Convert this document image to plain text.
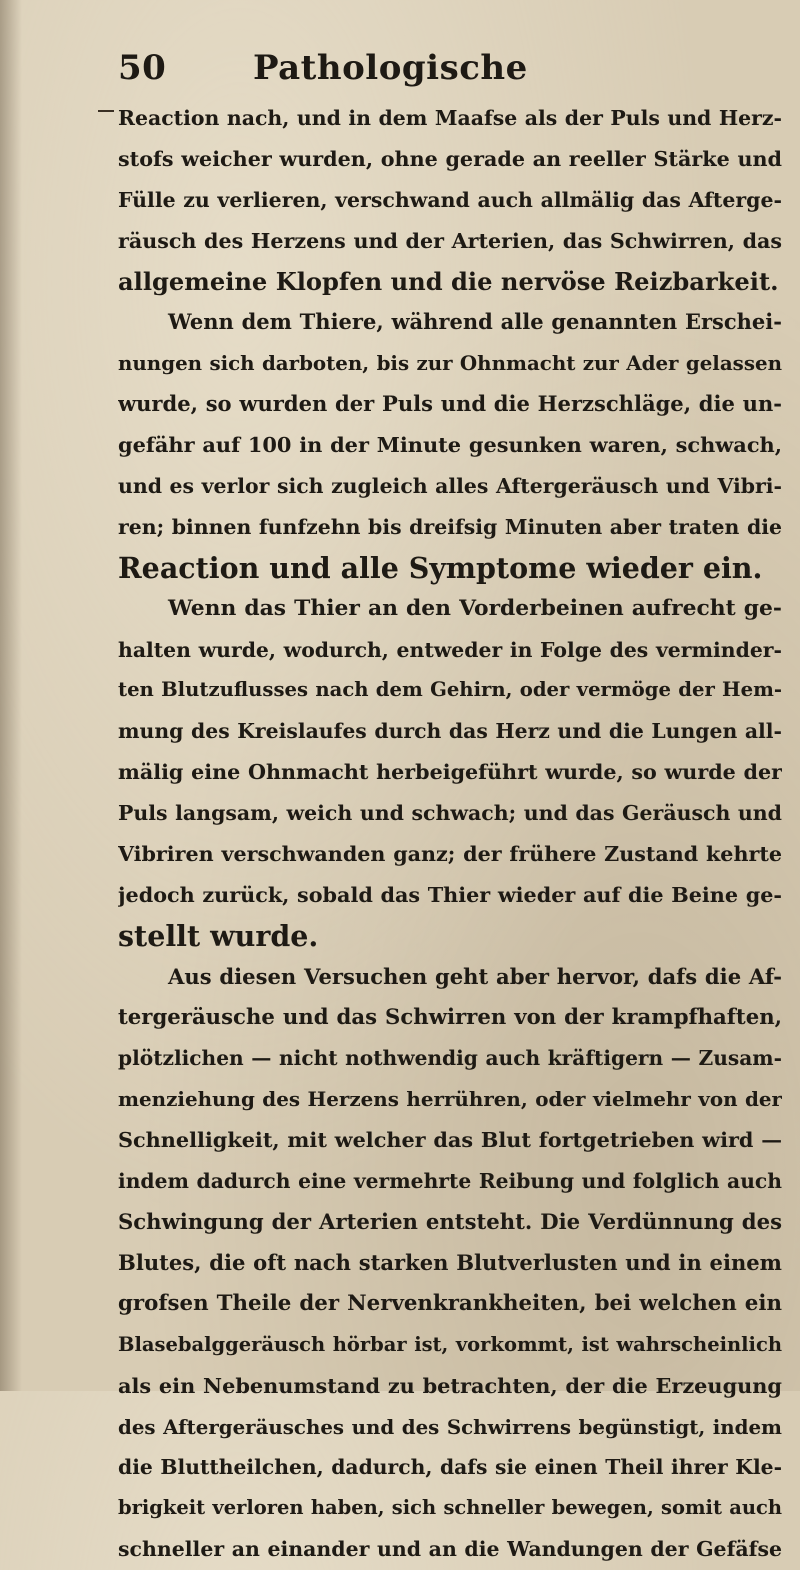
50	Pathologische
Reaction nach, und in dem Maafse als der Puls und Herz-
stofs weicher wurden, ohne gerade an reeller Stärke und
Fülle zu verlieren, verschwand auch allmälig das Afterge-
räusch des Herzens und der Arterien, das Schwirren, das
allgemeine Klopfen und die nervöse Reizbarkeit.
Wenn dem Thiere, während alle genannten Erschei-
nungen sich darboten, bis zur Ohnmacht zur Ader gelassen
wurde, so wurden der Puls und die Herzschläge, die un-
gefähr auf 100 in der Minute gesunken waren, schwach,
und es verlor sich zugleich alles Aftergeräusch und Vibri-
ren; binnen funfzehn bis dreifsig Minuten aber traten die
Reaction und alle Symptome wieder ein.
Wenn das Thier an den Vorderbeinen aufrecht ge-
halten wurde, wodurch, entweder in Folge des verminder-
ten Blutzuflusses nach dem Gehirn, oder vermöge der Hem-
mung des Kreislaufes durch das Herz und die Lungen all-
mälig eine Ohnmacht herbeigeführt wurde, so wurde der
Puls langsam, weich und schwach; und das Geräusch und
Vibriren verschwanden ganz; der frühere Zustand kehrte
jedoch zurück, sobald das Thier wieder auf die Beine ge-
stellt wurde.
Aus diesen Versuchen geht aber hervor, dafs die Af-
tergeräusche und das Schwirren von der krampfhaften,
plötzlichen — nicht nothwendig auch kräftigern — Zusam-
menziehung des Herzens herrühren, oder vielmehr von der
Schnelligkeit, mit welcher das Blut fortgetrieben wird —
indem dadurch eine vermehrte Reibung und folglich auch
Schwingung der Arterien entsteht. Die Verdünnung des
Blutes, die oft nach starken Blutverlusten und in einem
grofsen Theile der Nervenkrankheiten, bei welchen ein
Blasebalggeräusch hörbar ist, vorkommt, ist wahrscheinlich
als ein Nebenumstand zu betrachten, der die Erzeugung
des Aftergeräusches und des Schwirrens begünstigt, indem
die Bluttheilchen, dadurch, dafs sie einen Theil ihrer Kle-
brigkeit verloren haben, sich schneller bewegen, somit auch
schneller an einander und an die Wandungen der Gefäfse
